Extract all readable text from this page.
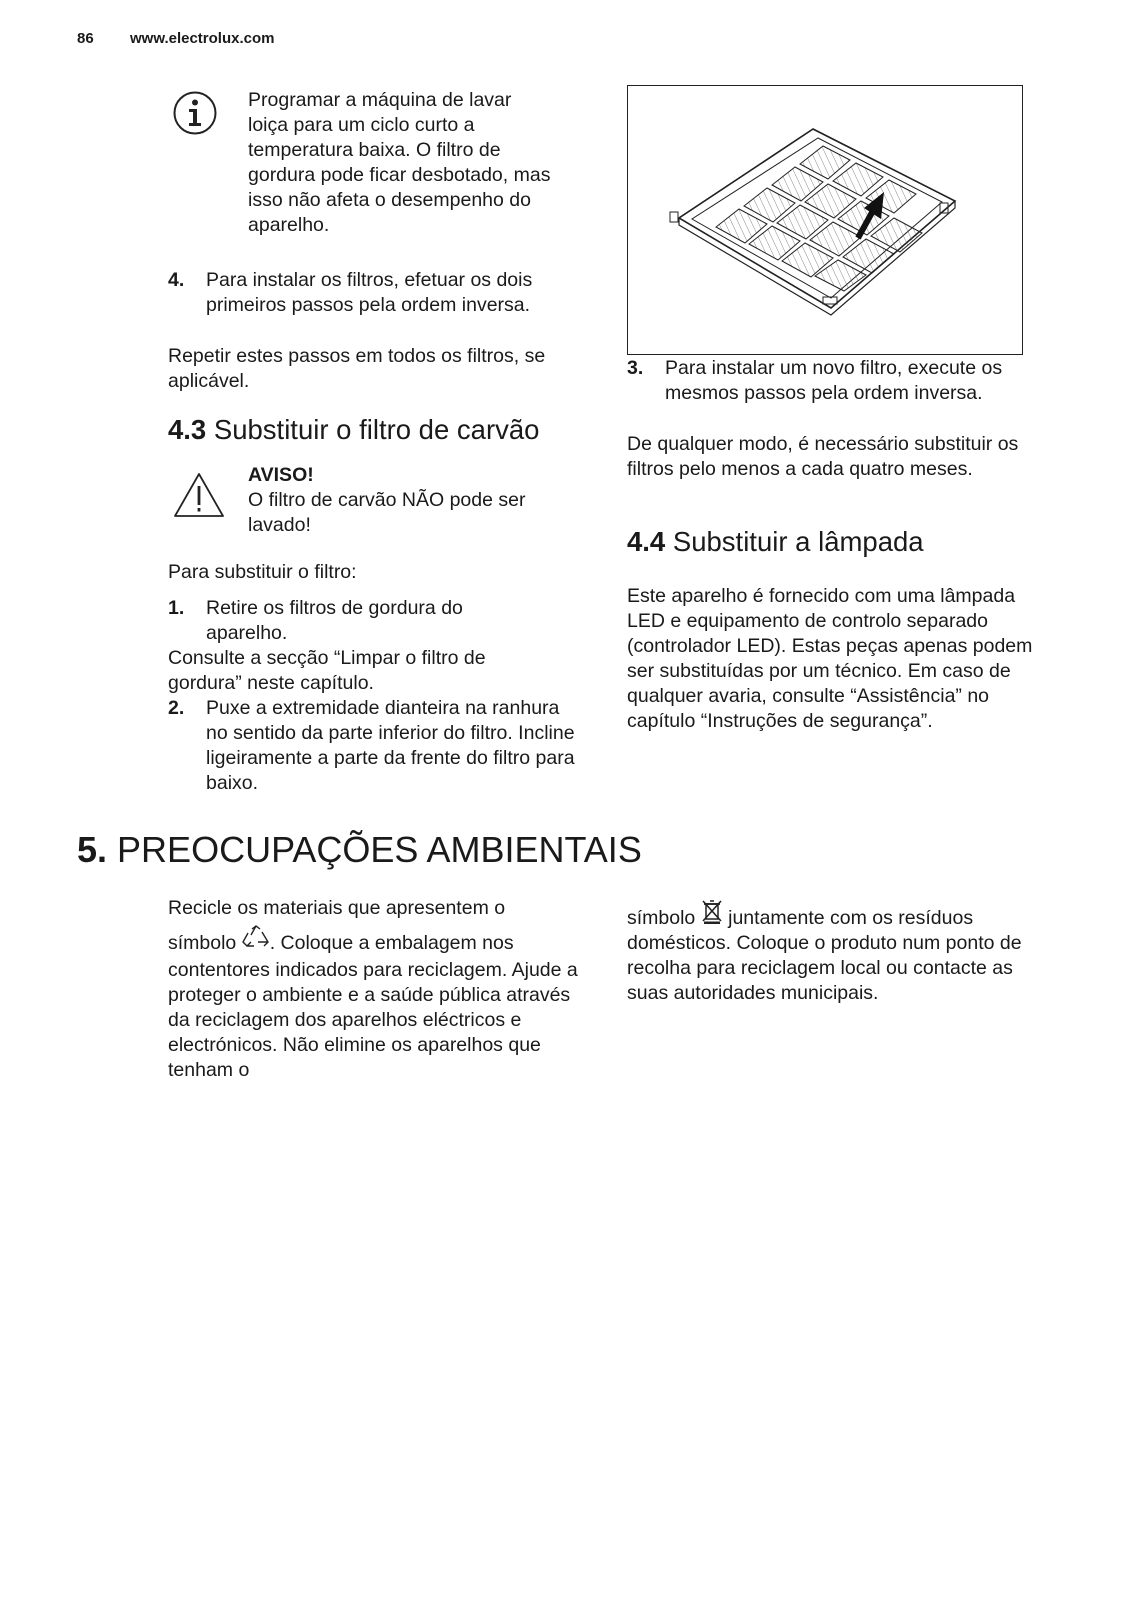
86 www.electrolux.com
Programar a máquina de lavar loiça para um ciclo curto a temperatura baixa. O filtro de gordura pode ficar desbotado, mas isso não afeta o desempenho do aparelho.
4. Para instalar os filtros, efetuar os dois primeiros passos pela ordem inversa.
Repetir estes passos em todos os filtros, se aplicável.
4.3 Substituir o filtro de carvão
AVISO!
O filtro de carvão NÃO pode ser lavado!
Para substituir o filtro:
1. Retire os filtros de gordura do aparelho.
Consulte a secção “Limpar o filtro de gordura” neste capítulo.
2. Puxe a extremidade dianteira na ranhura no sentido da parte inferior do filtro. Incline ligeiramente a parte da frente do filtro para baixo.
3. Para instalar um novo filtro, execute os mesmos passos pela ordem inversa.
De qualquer modo, é necessário substituir os filtros pelo menos a cada quatro meses.
4.4 Substituir a lâmpada
Este aparelho é fornecido com uma lâmpada LED e equipamento de controlo separado (controlador LED). Estas peças apenas podem ser substituídas por um técnico. Em caso de qualquer avaria, consulte “Assistência” no capítulo “Instruções de segurança”.
5. PREOCUPAÇÕES AMBIENTAIS
Recicle os materiais que apresentem o
símbolo . Coloque a embalagem nos
contentores indicados para reciclagem. Ajude a proteger o ambiente e a saúde pública através da reciclagem dos aparelhos eléctricos e electrónicos. Não elimine os aparelhos que tenham o
símbolo juntamente com os resíduos
domésticos. Coloque o produto num ponto de recolha para reciclagem local ou contacte as suas autoridades municipais.
